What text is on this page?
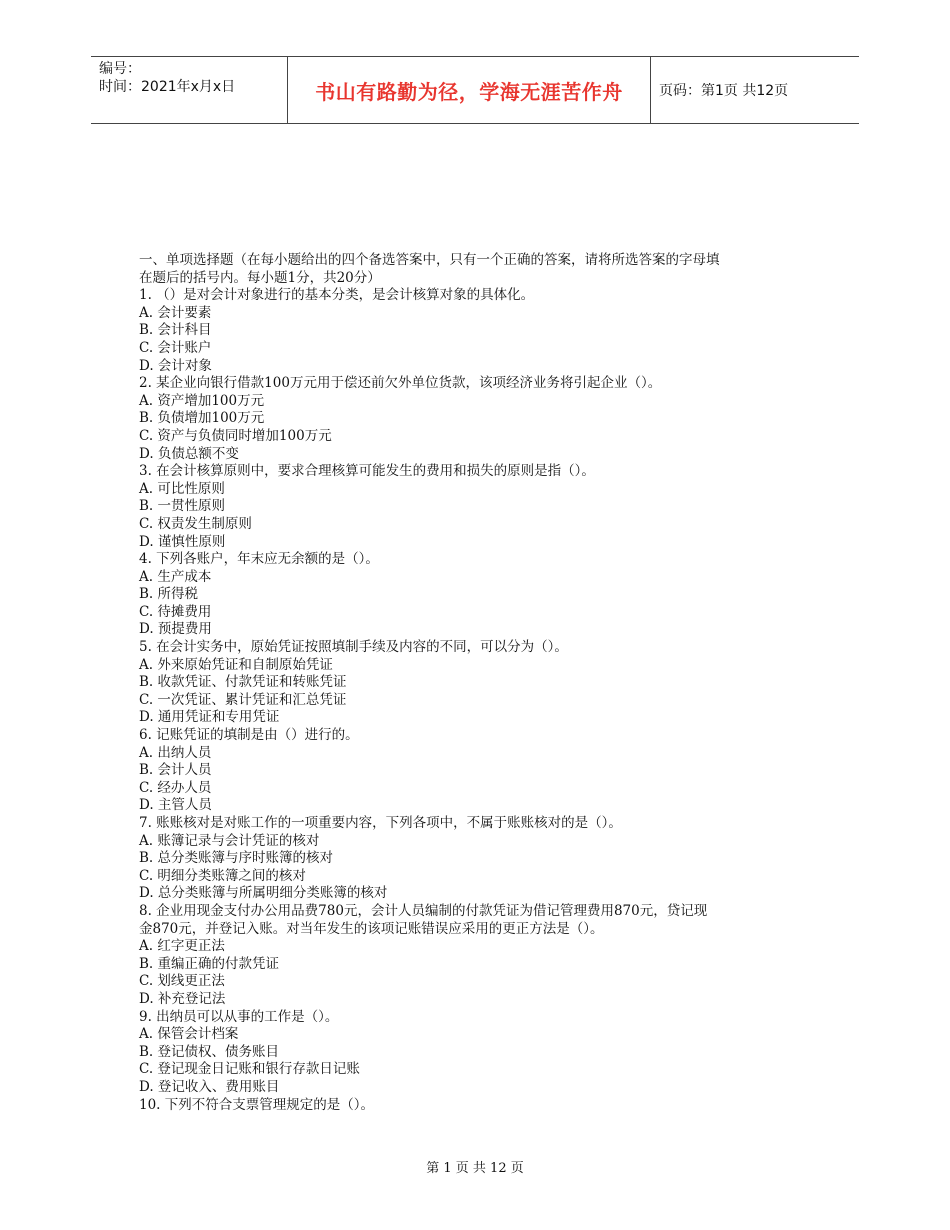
编号：
时间：2021年x月x日	书山有路勤为径，学海无涯苦作舟	页码：第1页 共12页

一、单项选择题（在每小题给出的四个备选答案中，只有一个正确的答案，请将所选答案的字母填

在题后的括号内。每小题1分，共20分）

1. （）是对会计对象进行的基本分类，是会计核算对象的具体化。

A. 会计要素

B. 会计科目

C. 会计账户

D. 会计对象

2. 某企业向银行借款100万元用于偿还前欠外单位货款，该项经济业务将引起企业（）。

A. 资产增加100万元

B. 负债增加100万元

C. 资产与负债同时增加100万元

D. 负债总额不变

3. 在会计核算原则中，要求合理核算可能发生的费用和损失的原则是指（）。

A. 可比性原则

B. 一贯性原则

C. 权责发生制原则

D. 谨慎性原则

4. 下列各账户，年末应无余额的是（）。

A. 生产成本

B. 所得税

C. 待摊费用

D. 预提费用

5. 在会计实务中，原始凭证按照填制手续及内容的不同，可以分为（）。

A. 外来原始凭证和自制原始凭证

B. 收款凭证、付款凭证和转账凭证

C. 一次凭证、累计凭证和汇总凭证

D. 通用凭证和专用凭证

6. 记账凭证的填制是由（）进行的。

A. 出纳人员

B. 会计人员

C. 经办人员

D. 主管人员

7. 账账核对是对账工作的一项重要内容，下列各项中，不属于账账核对的是（）。

A. 账簿记录与会计凭证的核对

B. 总分类账簿与序时账簿的核对

C. 明细分类账簿之间的核对

D. 总分类账簿与所属明细分类账簿的核对

8. 企业用现金支付办公用品费780元，会计人员编制的付款凭证为借记管理费用870元，贷记现

金870元，并登记入账。对当年发生的该项记账错误应采用的更正方法是（）。

A. 红字更正法

B. 重编正确的付款凭证

C. 划线更正法

D. 补充登记法

9. 出纳员可以从事的工作是（）。

A. 保管会计档案

B. 登记债权、债务账目

C. 登记现金日记账和银行存款日记账

D. 登记收入、费用账目

10. 下列不符合支票管理规定的是（）。

第 1 页 共 12 页
